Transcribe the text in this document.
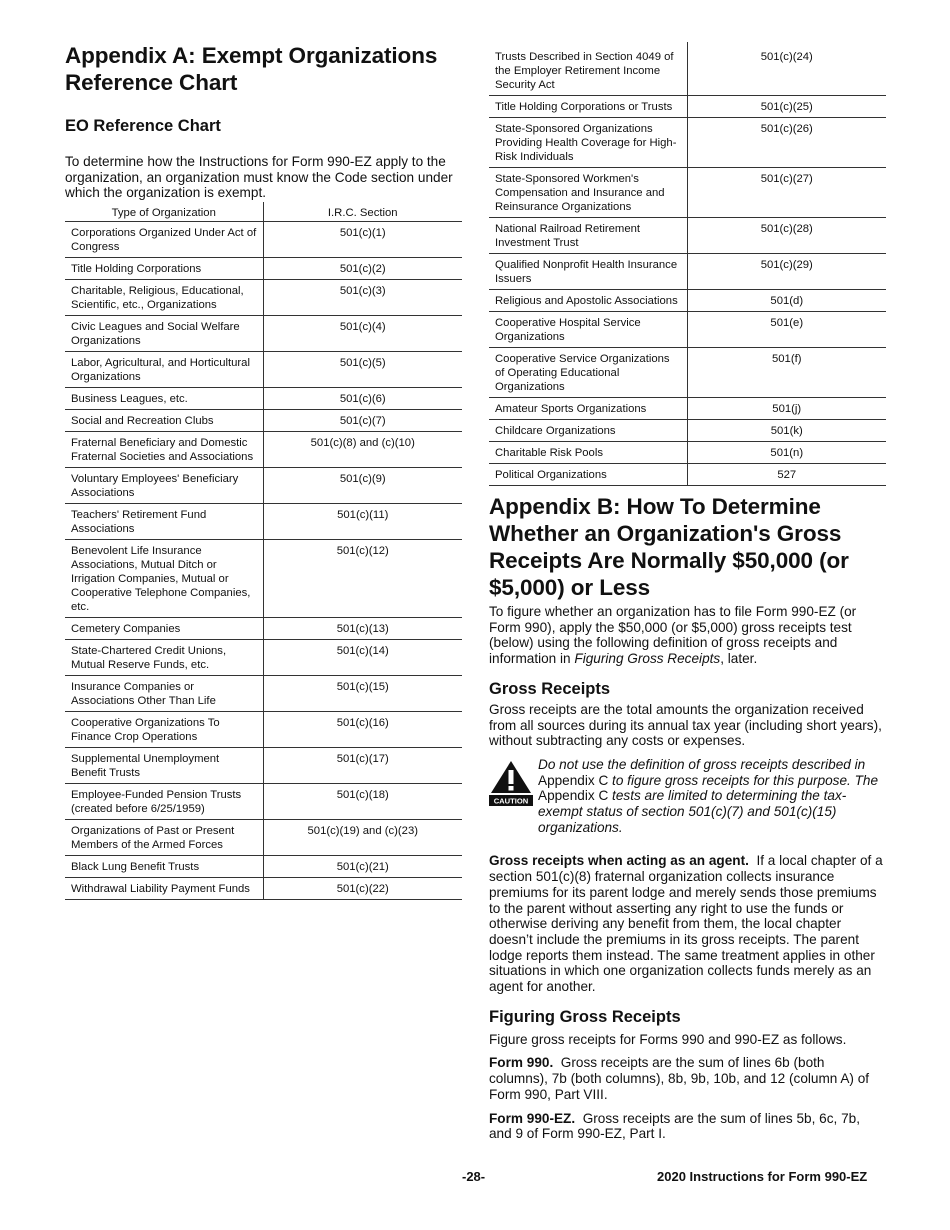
Appendix A: Exempt Organizations Reference Chart
EO Reference Chart

To determine how the Instructions for Form 990-EZ apply to the organization, an organization must know the Code section under which the organization is exempt.

Type of Organization	I.R.C. Section
Corporations Organized Under Act of Congress	501(c)(1)
Title Holding Corporations	501(c)(2)
Charitable, Religious, Educational, Scientific, etc., Organizations	501(c)(3)
Civic Leagues and Social Welfare Organizations	501(c)(4)
Labor, Agricultural, and Horticultural Organizations	501(c)(5)
Business Leagues, etc.	501(c)(6)
Social and Recreation Clubs	501(c)(7)
Fraternal Beneficiary and Domestic Fraternal Societies and Associations	501(c)(8) and (c)(10)
Voluntary Employees' Beneficiary Associations	501(c)(9)
Teachers' Retirement Fund Associations	501(c)(11)
Benevolent Life Insurance Associations, Mutual Ditch or Irrigation Companies, Mutual or Cooperative Telephone Companies, etc.	501(c)(12)
Cemetery Companies	501(c)(13)
State-Chartered Credit Unions, Mutual Reserve Funds, etc.	501(c)(14)
Insurance Companies or Associations Other Than Life	501(c)(15)
Cooperative Organizations To Finance Crop Operations	501(c)(16)
Supplemental Unemployment Benefit Trusts	501(c)(17)
Employee-Funded Pension Trusts (created before 6/25/1959)	501(c)(18)
Organizations of Past or Present Members of the Armed Forces	501(c)(19) and (c)(23)
Black Lung Benefit Trusts	501(c)(21)
Withdrawal Liability Payment Funds	501(c)(22)
Trusts Described in Section 4049 of the Employer Retirement Income Security Act	501(c)(24)
Title Holding Corporations or Trusts	501(c)(25)
State-Sponsored Organizations Providing Health Coverage for High-Risk Individuals	501(c)(26)
State-Sponsored Workmen's Compensation and Insurance and Reinsurance Organizations	501(c)(27)
National Railroad Retirement Investment Trust	501(c)(28)
Qualified Nonprofit Health Insurance Issuers	501(c)(29)
Religious and Apostolic Associations	501(d)
Cooperative Hospital Service Organizations	501(e)
Cooperative Service Organizations of Operating Educational Organizations	501(f)
Amateur Sports Organizations	501(j)
Childcare Organizations	501(k)
Charitable Risk Pools	501(n)
Political Organizations	527
Appendix B: How To Determine Whether an Organization's Gross Receipts Are Normally $50,000 (or $5,000) or Less

To figure whether an organization has to file Form 990-EZ (or Form 990), apply the $50,000 (or $5,000) gross receipts test (below) using the following definition of gross receipts and information in Figuring Gross Receipts, later.

Gross Receipts

Gross receipts are the total amounts the organization received from all sources during its annual tax year (including short years), without subtracting any costs or expenses.

CAUTION

Do not use the definition of gross receipts described in Appendix C to figure gross receipts for this purpose. The Appendix C tests are limited to determining the tax-exempt status of section 501(c)(7) and 501(c)(15) organizations.

Gross receipts when acting as an agent. If a local chapter of a section 501(c)(8) fraternal organization collects insurance premiums for its parent lodge and merely sends those premiums to the parent without asserting any right to use the funds or otherwise deriving any benefit from them, the local chapter doesn’t include the premiums in its gross receipts. The parent lodge reports them instead. The same treatment applies in other situations in which one organization collects funds merely as an agent for another.

Figuring Gross Receipts

Figure gross receipts for Forms 990 and 990-EZ as follows.

Form 990. Gross receipts are the sum of lines 6b (both columns), 7b (both columns), 8b, 9b, 10b, and 12 (column A) of Form 990, Part VIII.

Form 990-EZ. Gross receipts are the sum of lines 5b, 6c, 7b, and 9 of Form 990-EZ, Part I.

-28-	2020 Instructions for Form 990-EZ
